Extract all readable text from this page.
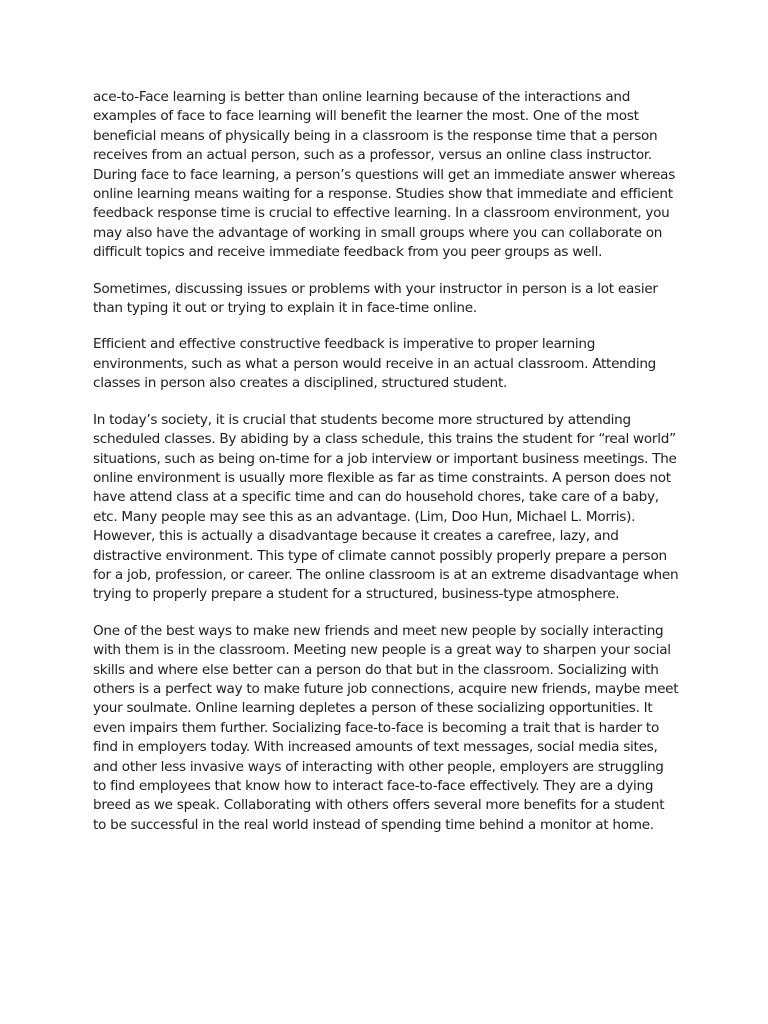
ace-to-Face learning is better than online learning because of the interactions and examples of face to face learning will benefit the learner the most. One of the most beneficial means of physically being in a classroom is the response time that a person receives from an actual person, such as a professor, versus an online class instructor. During face to face learning, a person’s questions will get an immediate answer whereas online learning means waiting for a response. Studies show that immediate and efficient feedback response time is crucial to effective learning. In a classroom environment, you may also have the advantage of working in small groups where you can collaborate on difficult topics and receive immediate feedback from you peer groups as well.

Sometimes, discussing issues or problems with your instructor in person is a lot easier than typing it out or trying to explain it in face-time online.

Efficient and effective constructive feedback is imperative to proper learning environments, such as what a person would receive in an actual classroom. Attending classes in person also creates a disciplined, structured student.

In today’s society, it is crucial that students become more structured by attending scheduled classes. By abiding by a class schedule, this trains the student for “real world” situations, such as being on-time for a job interview or important business meetings. The online environment is usually more flexible as far as time constraints. A person does not have attend class at a specific time and can do household chores, take care of a baby, etc. Many people may see this as an advantage. (Lim, Doo Hun, Michael L. Morris). However, this is actually a disadvantage because it creates a carefree, lazy, and distractive environment. This type of climate cannot possibly properly prepare a person for a job, profession, or career. The online classroom is at an extreme disadvantage when trying to properly prepare a student for a structured, business-type atmosphere.

One of the best ways to make new friends and meet new people by socially interacting with them is in the classroom. Meeting new people is a great way to sharpen your social skills and where else better can a person do that but in the classroom. Socializing with others is a perfect way to make future job connections, acquire new friends, maybe meet your soulmate. Online learning depletes a person of these socializing opportunities. It even impairs them further. Socializing face-to-face is becoming a trait that is harder to find in employers today. With increased amounts of text messages, social media sites, and other less invasive ways of interacting with other people, employers are struggling to find employees that know how to interact face-to-face effectively. They are a dying breed as we speak. Collaborating with others offers several more benefits for a student to be successful in the real world instead of spending time behind a monitor at home.
